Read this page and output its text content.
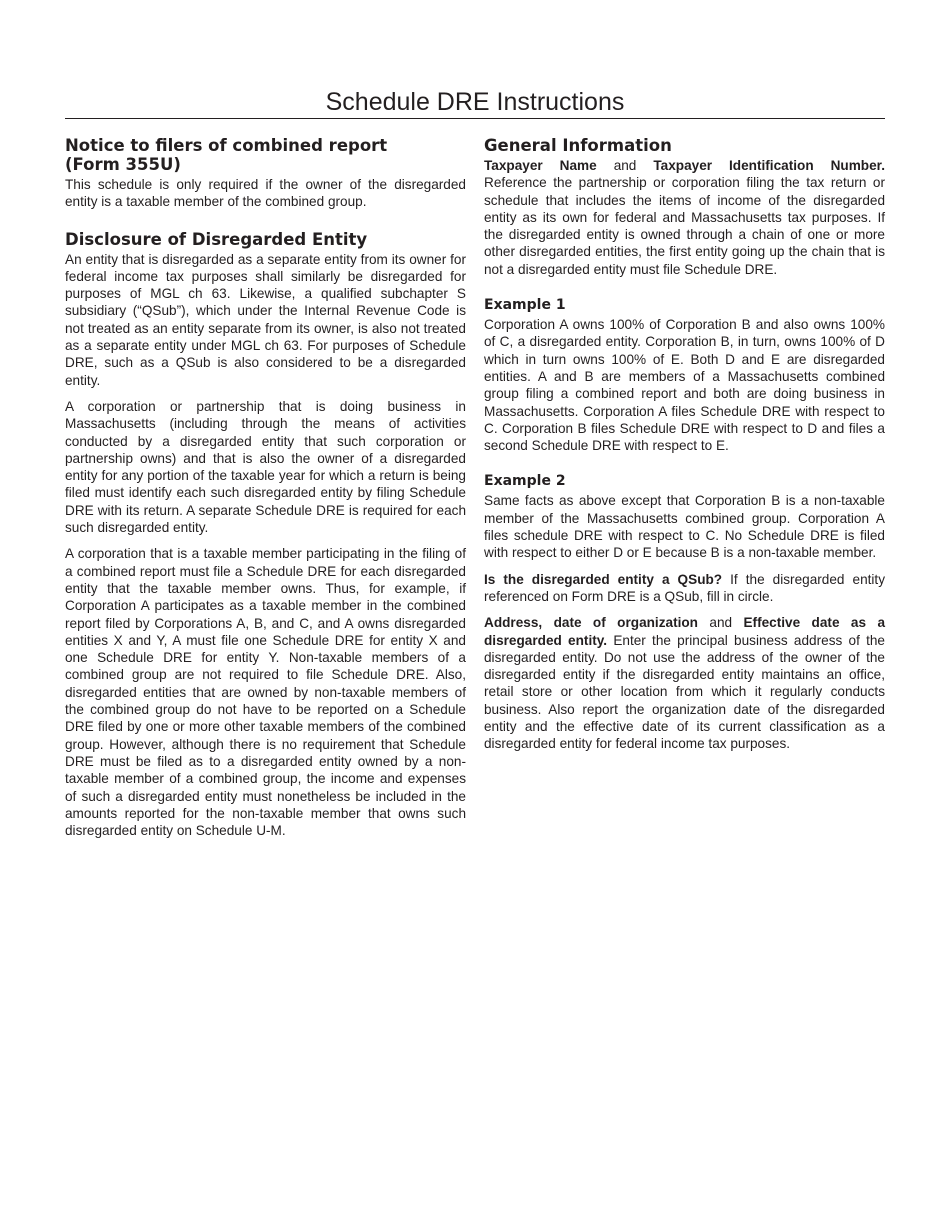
Schedule DRE Instructions
Notice to filers of combined report
(Form 355U)

This schedule is only required if the owner of the disregarded entity is a taxable member of the combined group.

Disclosure of Disregarded Entity

An entity that is disregarded as a separate entity from its owner for federal income tax purposes shall similarly be disregarded for purposes of MGL ch 63. Likewise, a qualified subchapter S subsidiary (“QSub”), which under the Internal Revenue Code is not treated as an entity separate from its owner, is also not treated as a separate entity under MGL ch 63. For purposes of Schedule DRE, such as a QSub is also considered to be a disregarded entity.

A corporation or partnership that is doing business in Massachusetts (including through the means of activities conducted by a disregarded entity that such corporation or partnership owns) and that is also the owner of a disregarded entity for any portion of the taxable year for which a return is being filed must identify each such disregarded entity by filing Schedule DRE with its return. A separate Schedule DRE is required for each such disregarded entity.

A corporation that is a taxable member participating in the filing of a combined report must file a Schedule DRE for each disregarded entity that the taxable member owns. Thus, for example, if Corporation A participates as a taxable member in the combined report filed by Corporations A, B, and C, and A owns disregarded entities X and Y, A must file one Schedule DRE for entity X and one Schedule DRE for entity Y. Non-taxable members of a combined group are not required to file Schedule DRE. Also, disregarded entities that are owned by non-taxable members of the combined group do not have to be reported on a Schedule DRE filed by one or more other taxable members of the combined group. However, although there is no requirement that Schedule DRE must be filed as to a disregarded entity owned by a non-taxable member of a combined group, the income and expenses of such a disregarded entity must nonetheless be included in the amounts reported for the non-taxable member that owns such disregarded entity on Schedule U-M.

General Information

Taxpayer Name and Taxpayer Identification Number. Reference the partnership or corporation filing the tax return or schedule that includes the items of income of the disregarded entity as its own for federal and Massachusetts tax purposes. If the disregarded entity is owned through a chain of one or more other disregarded entities, the first entity going up the chain that is not a disregarded entity must file Schedule DRE.

Example 1

Corporation A owns 100% of Corporation B and also owns 100% of C, a disregarded entity. Corporation B, in turn, owns 100% of D which in turn owns 100% of E. Both D and E are disregarded entities. A and B are members of a Massachusetts combined group filing a combined report and both are doing business in Massachusetts. Corporation A files Schedule DRE with respect to C. Corporation B files Schedule DRE with respect to D and files a second Schedule DRE with respect to E.

Example 2

Same facts as above except that Corporation B is a non-taxable member of the Massachusetts combined group. Corporation A files schedule DRE with respect to C. No Schedule DRE is filed with respect to either D or E because B is a non-taxable member.

Is the disregarded entity a QSub? If the disregarded entity referenced on Form DRE is a QSub, fill in circle.

Address, date of organization and Effective date as a disregarded entity. Enter the principal business address of the disregarded entity. Do not use the address of the owner of the disregarded entity if the disregarded entity maintains an office, retail store or other location from which it regularly conducts business. Also report the organization date of the disregarded entity and the effective date of its current classification as a disregarded entity for federal income tax purposes.
